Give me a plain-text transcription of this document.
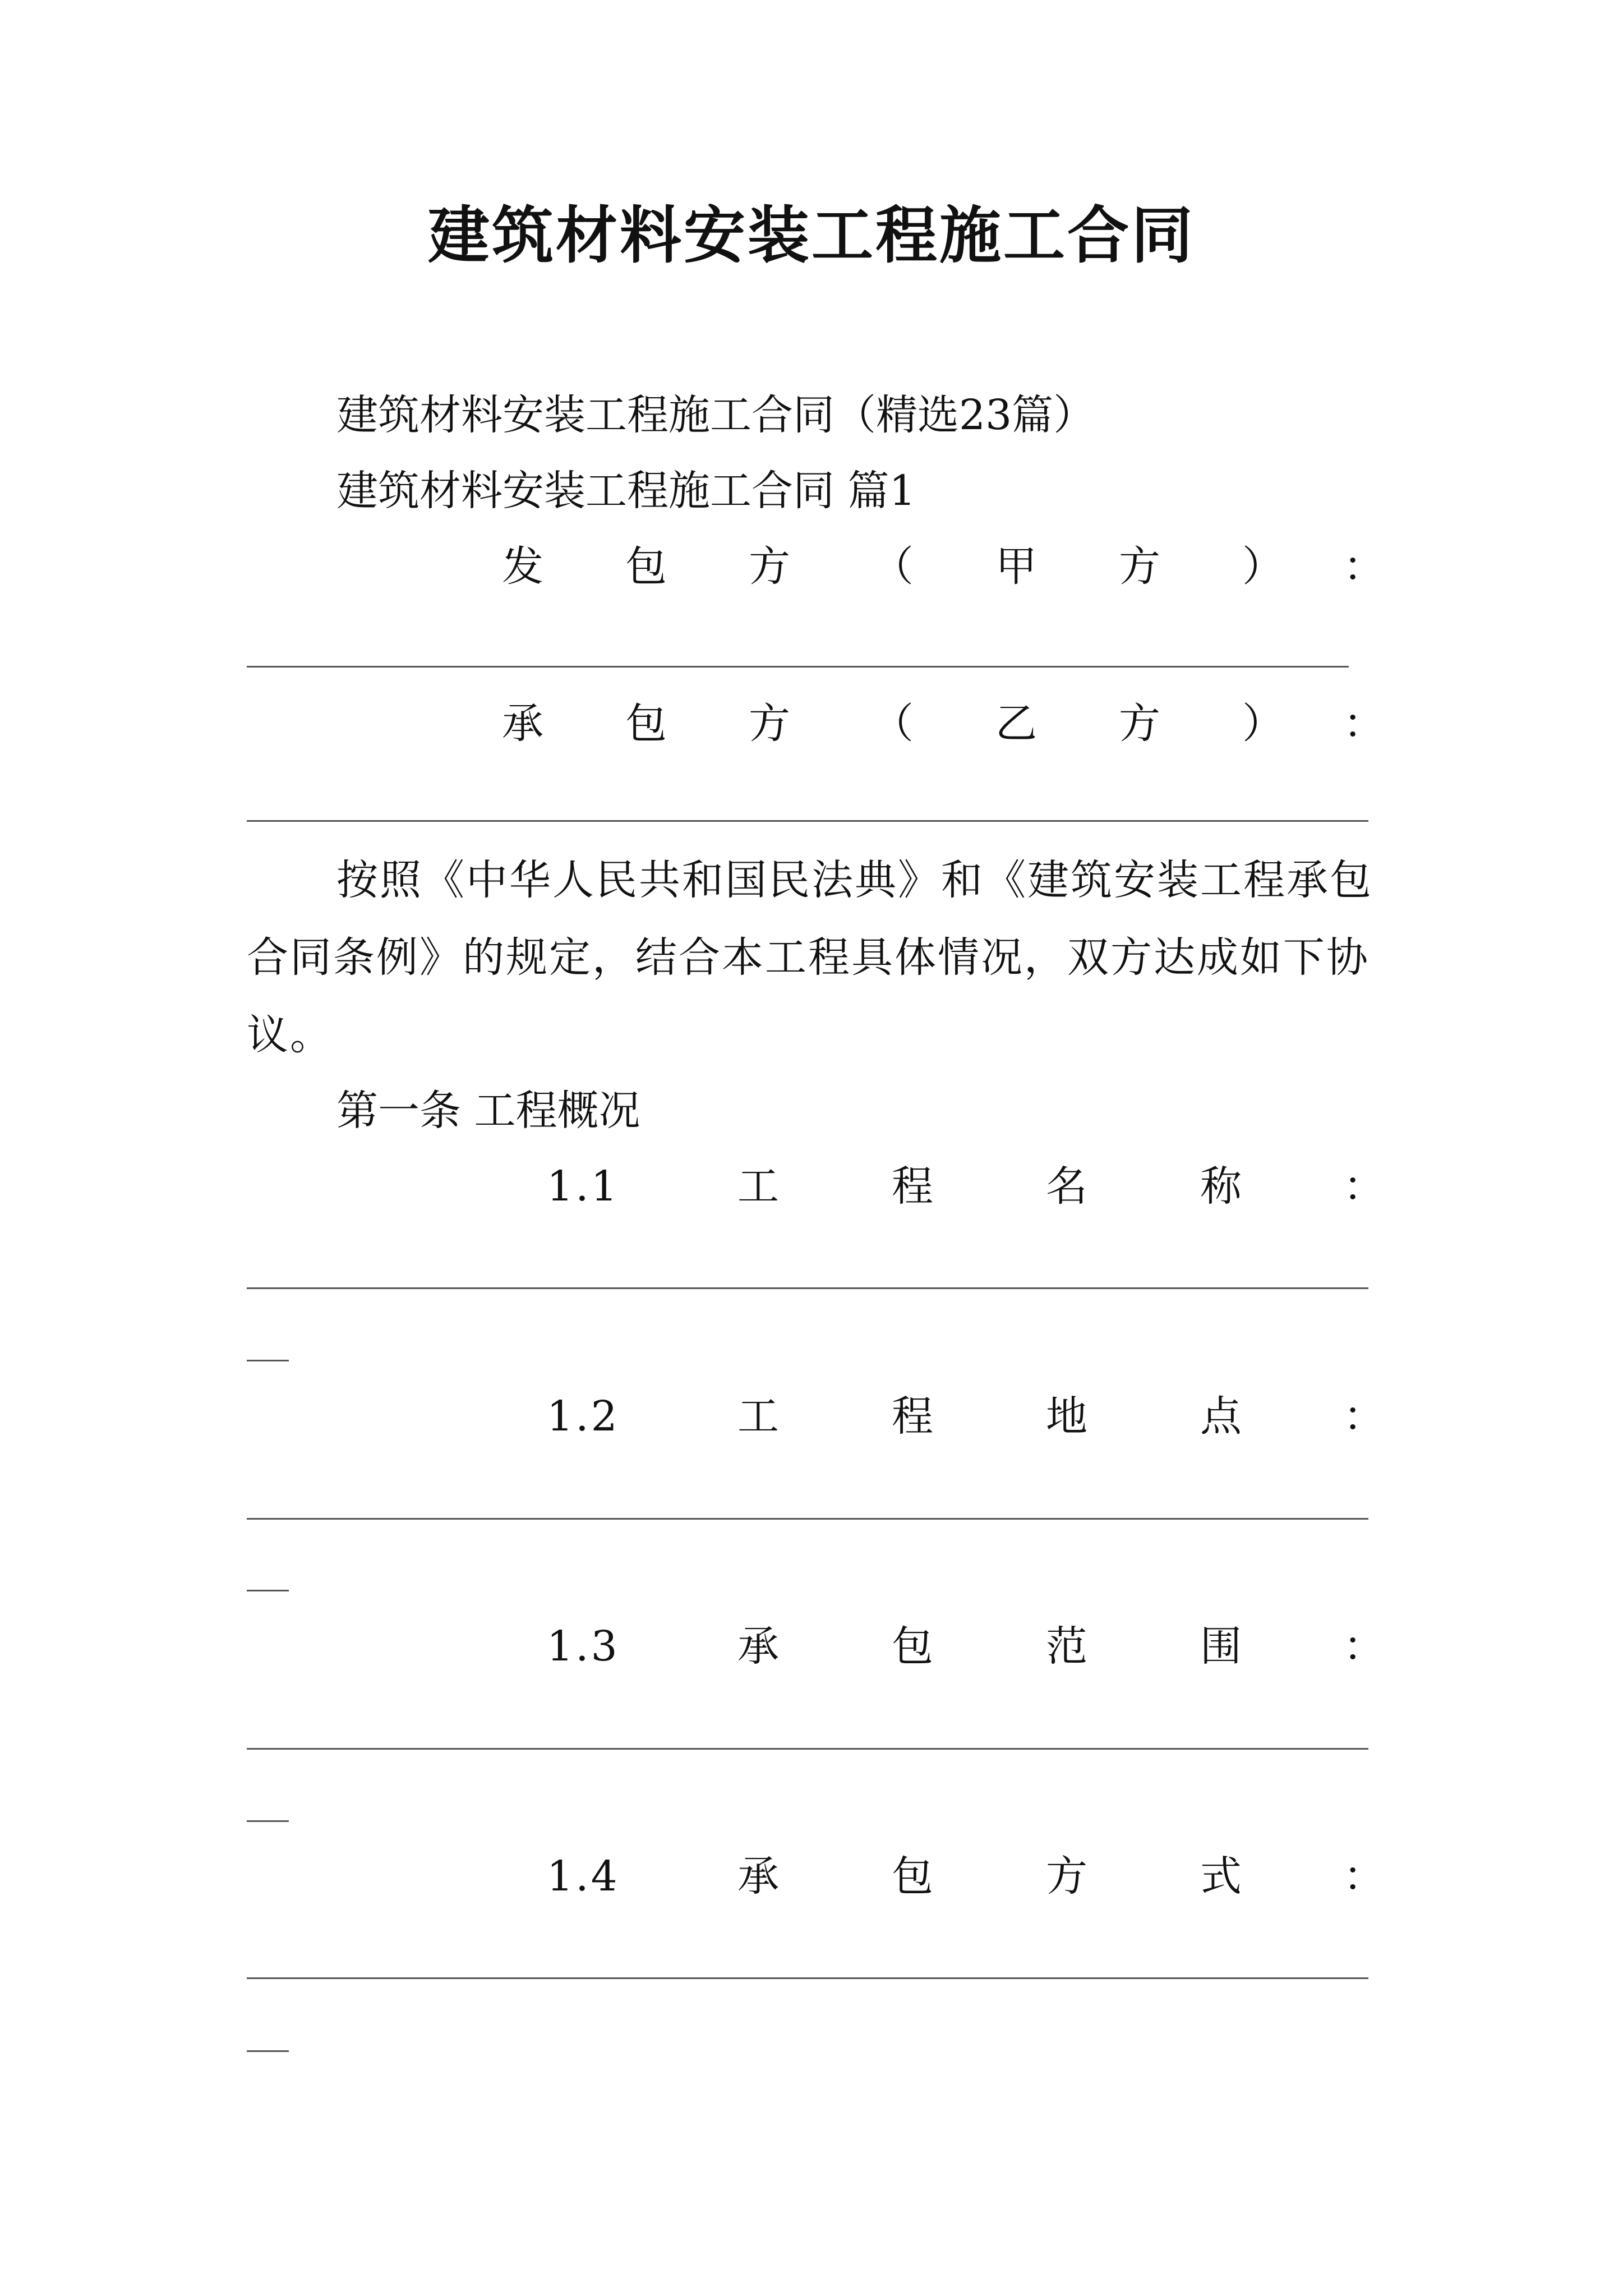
建筑材料安装工程施工合同
建筑材料安装工程施工合同（精选23篇）
建筑材料安装工程施工合同 篇1
发 包 方 （ 甲 方 ） ：
承 包 方 （ 乙 方 ） ：
按照《中华人民共和国民法典》和《建筑安装工程承包合同条例》的规定，结合本工程具体情况，双方达成如下协议。
第一条 工程概况
1.1	工	程	名	称 ：
1.2	工	程	地	点 ：
1.3	承	包	范	围 ：
1.4	承	包	方	式 ：
